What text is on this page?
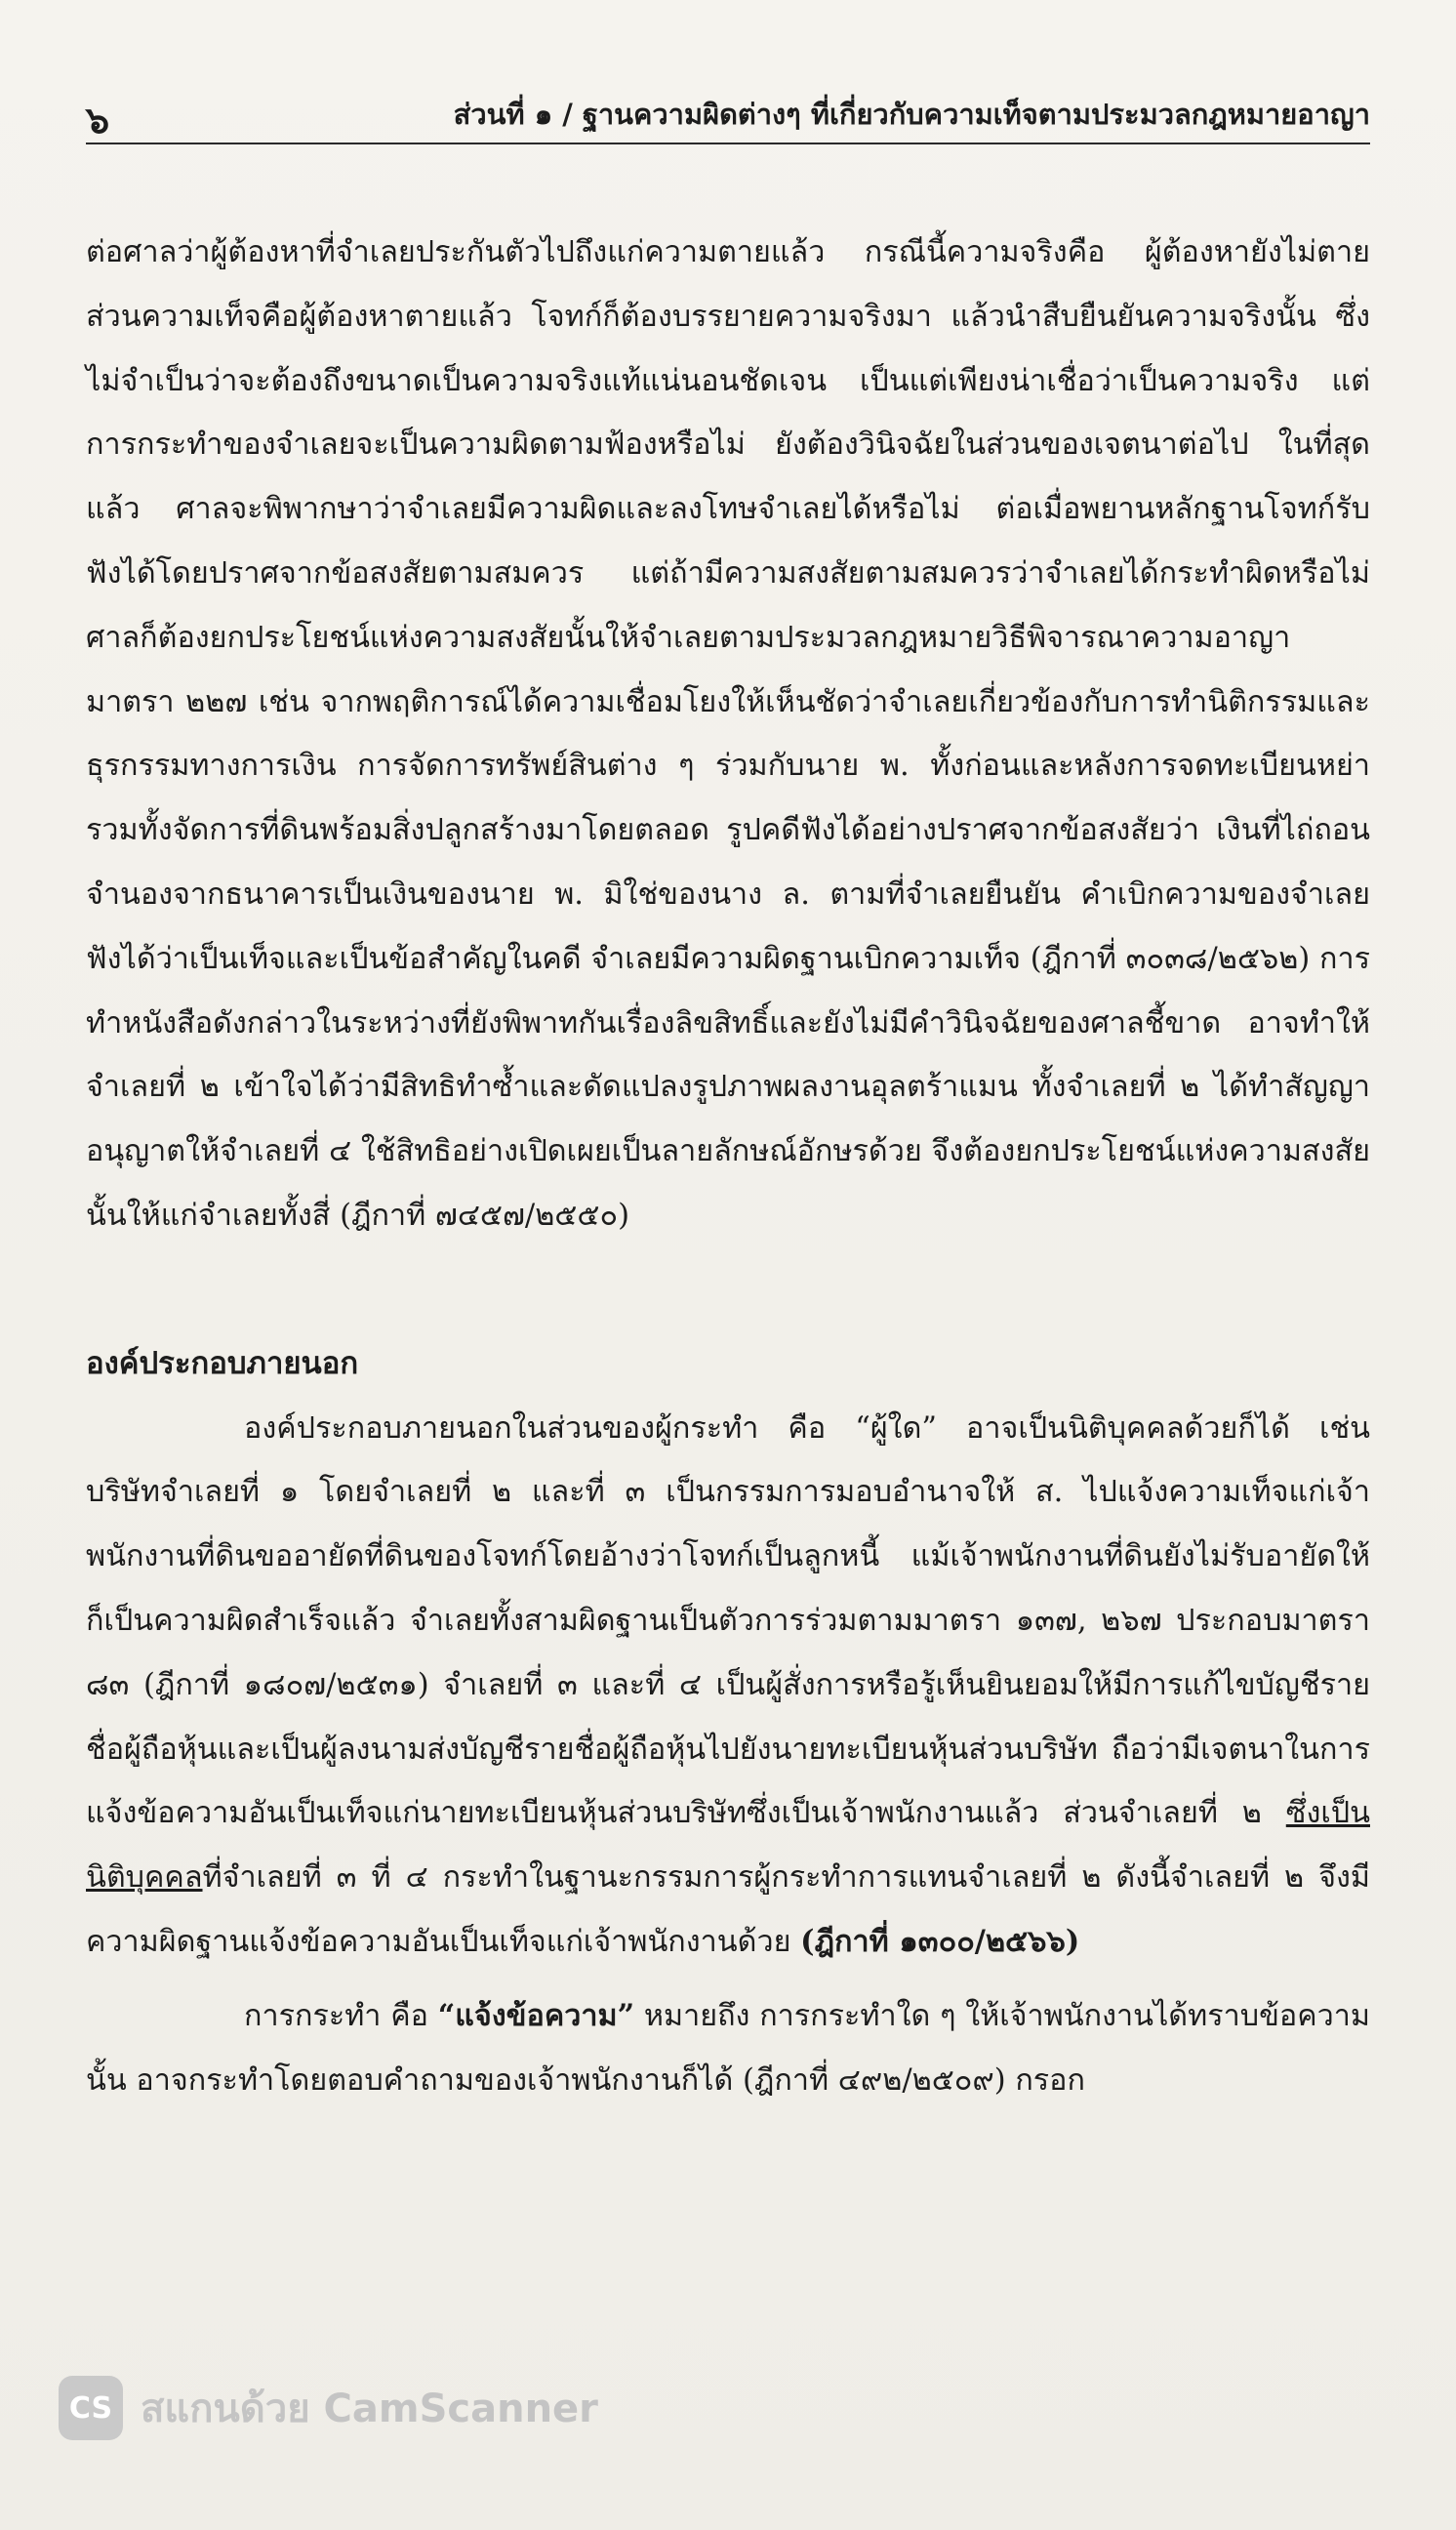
๖	ส่วนที่ ๑ / ฐานความผิดต่างๆ ที่เกี่ยวกับความเท็จตามประมวลกฎหมายอาญา

ต่อศาลว่าผู้ต้องหาที่จำเลยประกันตัวไปถึงแก่ความตายแล้ว กรณีนี้ความจริงคือ ผู้ต้องหายังไม่ตาย ส่วนความเท็จคือผู้ต้องหาตายแล้ว โจทก์ก็ต้องบรรยายความจริงมา แล้วนำสืบยืนยันความจริงนั้น ซึ่งไม่จำเป็นว่าจะต้องถึงขนาดเป็นความจริงแท้แน่นอนชัดเจน เป็นแต่เพียงน่าเชื่อว่าเป็นความจริง แต่การกระทำของจำเลยจะเป็นความผิดตามฟ้องหรือไม่ ยังต้องวินิจฉัยในส่วนของเจตนาต่อไป ในที่สุดแล้ว ศาลจะพิพากษาว่าจำเลยมีความผิดและลงโทษจำเลยได้หรือไม่ ต่อเมื่อพยานหลักฐานโจทก์รับฟังได้โดยปราศจากข้อสงสัยตามสมควร แต่ถ้ามีความสงสัยตามสมควรว่าจำเลยได้กระทำผิดหรือไม่ ศาลก็ต้องยกประโยชน์แห่งความสงสัยนั้นให้จำเลยตามประมวลกฎหมายวิธีพิจารณาความอาญา มาตรา ๒๒๗ เช่น จากพฤติการณ์ได้ความเชื่อมโยงให้เห็นชัดว่าจำเลยเกี่ยวข้องกับการทำนิติกรรมและธุรกรรมทางการเงิน การจัดการทรัพย์สินต่าง ๆ ร่วมกับนาย พ. ทั้งก่อนและหลังการจดทะเบียนหย่า รวมทั้งจัดการที่ดินพร้อมสิ่งปลูกสร้างมาโดยตลอด รูปคดีฟังได้อย่างปราศจากข้อสงสัยว่า เงินที่ไถ่ถอนจำนองจากธนาคารเป็นเงินของนาย พ. มิใช่ของนาง ล. ตามที่จำเลยยืนยัน คำเบิกความของจำเลยฟังได้ว่าเป็นเท็จและเป็นข้อสำคัญในคดี จำเลยมีความผิดฐานเบิกความเท็จ (ฎีกาที่ ๓๐๓๘/๒๕๖๒) การทำหนังสือดังกล่าวในระหว่างที่ยังพิพาทกันเรื่องลิขสิทธิ์และยังไม่มีคำวินิจฉัยของศาลชี้ขาด อาจทำให้จำเลยที่ ๒ เข้าใจได้ว่ามีสิทธิทำซ้ำและดัดแปลงรูปภาพผลงานอุลตร้าแมน ทั้งจำเลยที่ ๒ ได้ทำสัญญาอนุญาตให้จำเลยที่ ๔ ใช้สิทธิอย่างเปิดเผยเป็นลายลักษณ์อักษรด้วย จึงต้องยกประโยชน์แห่งความสงสัยนั้นให้แก่จำเลยทั้งสี่ (ฎีกาที่ ๗๔๕๗/๒๕๕๐)

องค์ประกอบภายนอก

องค์ประกอบภายนอกในส่วนของผู้กระทำ คือ “ผู้ใด” อาจเป็นนิติบุคคลด้วยก็ได้ เช่น บริษัทจำเลยที่ ๑ โดยจำเลยที่ ๒ และที่ ๓ เป็นกรรมการมอบอำนาจให้ ส. ไปแจ้งความเท็จแก่เจ้าพนักงานที่ดินขออายัดที่ดินของโจทก์โดยอ้างว่าโจทก์เป็นลูกหนี้ แม้เจ้าพนักงานที่ดินยังไม่รับอายัดให้ ก็เป็นความผิดสำเร็จแล้ว จำเลยทั้งสามผิดฐานเป็นตัวการร่วมตามมาตรา ๑๓๗, ๒๖๗ ประกอบมาตรา ๘๓ (ฎีกาที่ ๑๘๐๗/๒๕๓๑) จำเลยที่ ๓ และที่ ๔ เป็นผู้สั่งการหรือรู้เห็นยินยอมให้มีการแก้ไขบัญชีรายชื่อผู้ถือหุ้นและเป็นผู้ลงนามส่งบัญชีรายชื่อผู้ถือหุ้นไปยังนายทะเบียนหุ้นส่วนบริษัท ถือว่ามีเจตนาในการแจ้งข้อความอันเป็นเท็จแก่นายทะเบียนหุ้นส่วนบริษัทซึ่งเป็นเจ้าพนักงานแล้ว ส่วนจำเลยที่ ๒ ซึ่งเป็นนิติบุคคลที่จำเลยที่ ๓ ที่ ๔ กระทำในฐานะกรรมการผู้กระทำการแทนจำเลยที่ ๒ ดังนี้จำเลยที่ ๒ จึงมีความผิดฐานแจ้งข้อความอันเป็นเท็จแก่เจ้าพนักงานด้วย (ฎีกาที่ ๑๓๐๐/๒๕๖๖)

การกระทำ คือ “แจ้งข้อความ” หมายถึง การกระทำใด ๆ ให้เจ้าพนักงานได้ทราบข้อความนั้น อาจกระทำโดยตอบคำถามของเจ้าพนักงานก็ได้ (ฎีกาที่ ๔๙๒/๒๕๐๙) กรอก

CS สแกนด้วย CamScanner
